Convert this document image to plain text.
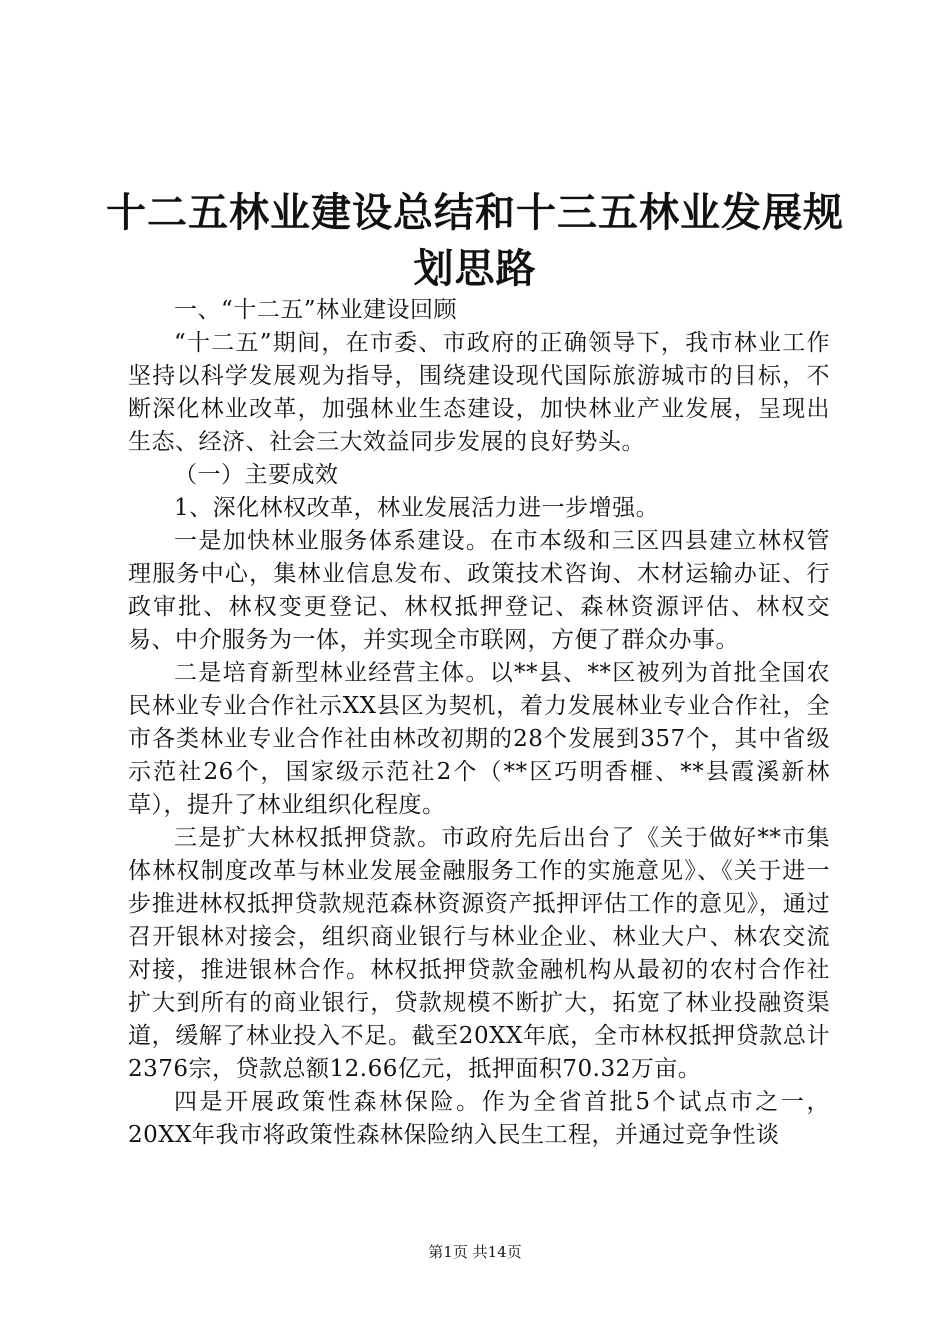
十二五林业建设总结和十三五林业发展规划思路

一、“十二五”林业建设回顾

“十二五”期间，在市委、市政府的正确领导下，我市林业工作坚持以科学发展观为指导，围绕建设现代国际旅游城市的目标，不断深化林业改革，加强林业生态建设，加快林业产业发展，呈现出生态、经济、社会三大效益同步发展的良好势头。

（一）主要成效

1、深化林权改革，林业发展活力进一步增强。

一是加快林业服务体系建设。在市本级和三区四县建立林权管理服务中心，集林业信息发布、政策技术咨询、木材运输办证、行政审批、林权变更登记、林权抵押登记、森林资源评估、林权交易、中介服务为一体，并实现全市联网，方便了群众办事。

二是培育新型林业经营主体。以**县、**区被列为首批全国农民林业专业合作社示XX县区为契机，着力发展林业专业合作社，全市各类林业专业合作社由林改初期的28个发展到357个，其中省级示范社26个，国家级示范社2个（**区巧明香榧、**县霞溪新林草），提升了林业组织化程度。

三是扩大林权抵押贷款。市政府先后出台了《关于做好**市集体林权制度改革与林业发展金融服务工作的实施意见》、《关于进一步推进林权抵押贷款规范森林资源资产抵押评估工作的意见》，通过召开银林对接会，组织商业银行与林业企业、林业大户、林农交流对接，推进银林合作。林权抵押贷款金融机构从最初的农村合作社扩大到所有的商业银行，贷款规模不断扩大，拓宽了林业投融资渠道，缓解了林业投入不足。截至20XX年底，全市林权抵押贷款总计2376宗，贷款总额12.66亿元，抵押面积70.32万亩。

四是开展政策性森林保险。作为全省首批5个试点市之一，20XX年我市将政策性森林保险纳入民生工程，并通过竞争性谈

第1页 共14页
